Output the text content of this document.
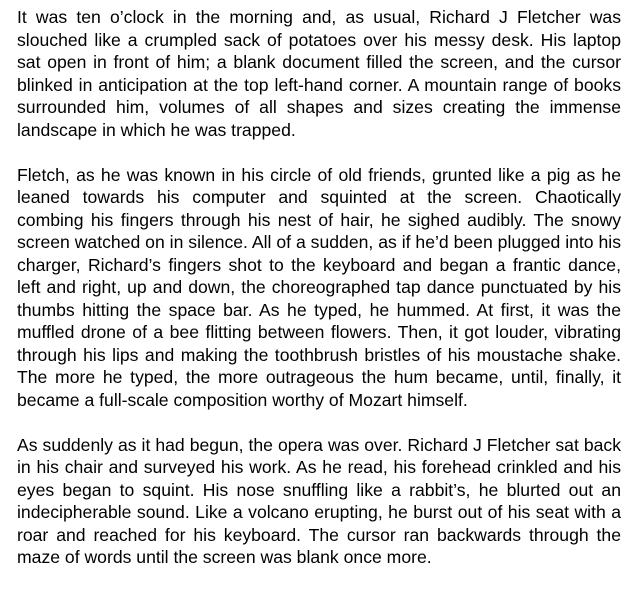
It was ten o’clock in the morning and, as usual, Richard J Fletcher was slouched like a crumpled sack of potatoes over his messy desk. His laptop sat open in front of him; a blank document filled the screen, and the cursor blinked in anticipation at the top left-hand corner. A mountain range of books surrounded him, volumes of all shapes and sizes creating the immense landscape in which he was trapped.

Fletch, as he was known in his circle of old friends, grunted like a pig as he leaned towards his computer and squinted at the screen. Chaotically combing his fingers through his nest of hair, he sighed audibly. The snowy screen watched on in silence. All of a sudden, as if he’d been plugged into his charger, Richard’s fingers shot to the keyboard and began a frantic dance, left and right, up and down, the choreographed tap dance punctuated by his thumbs hitting the space bar. As he typed, he hummed. At first, it was the muffled drone of a bee flitting between flowers. Then, it got louder, vibrating through his lips and making the toothbrush bristles of his moustache shake. The more he typed, the more outrageous the hum became, until, finally, it became a full-scale composition worthy of Mozart himself.

As suddenly as it had begun, the opera was over. Richard J Fletcher sat back in his chair and surveyed his work. As he read, his forehead crinkled and his eyes began to squint. His nose snuffling like a rabbit’s, he blurted out an indecipherable sound. Like a volcano erupting, he burst out of his seat with a roar and reached for his keyboard. The cursor ran backwards through the maze of words until the screen was blank once more.
